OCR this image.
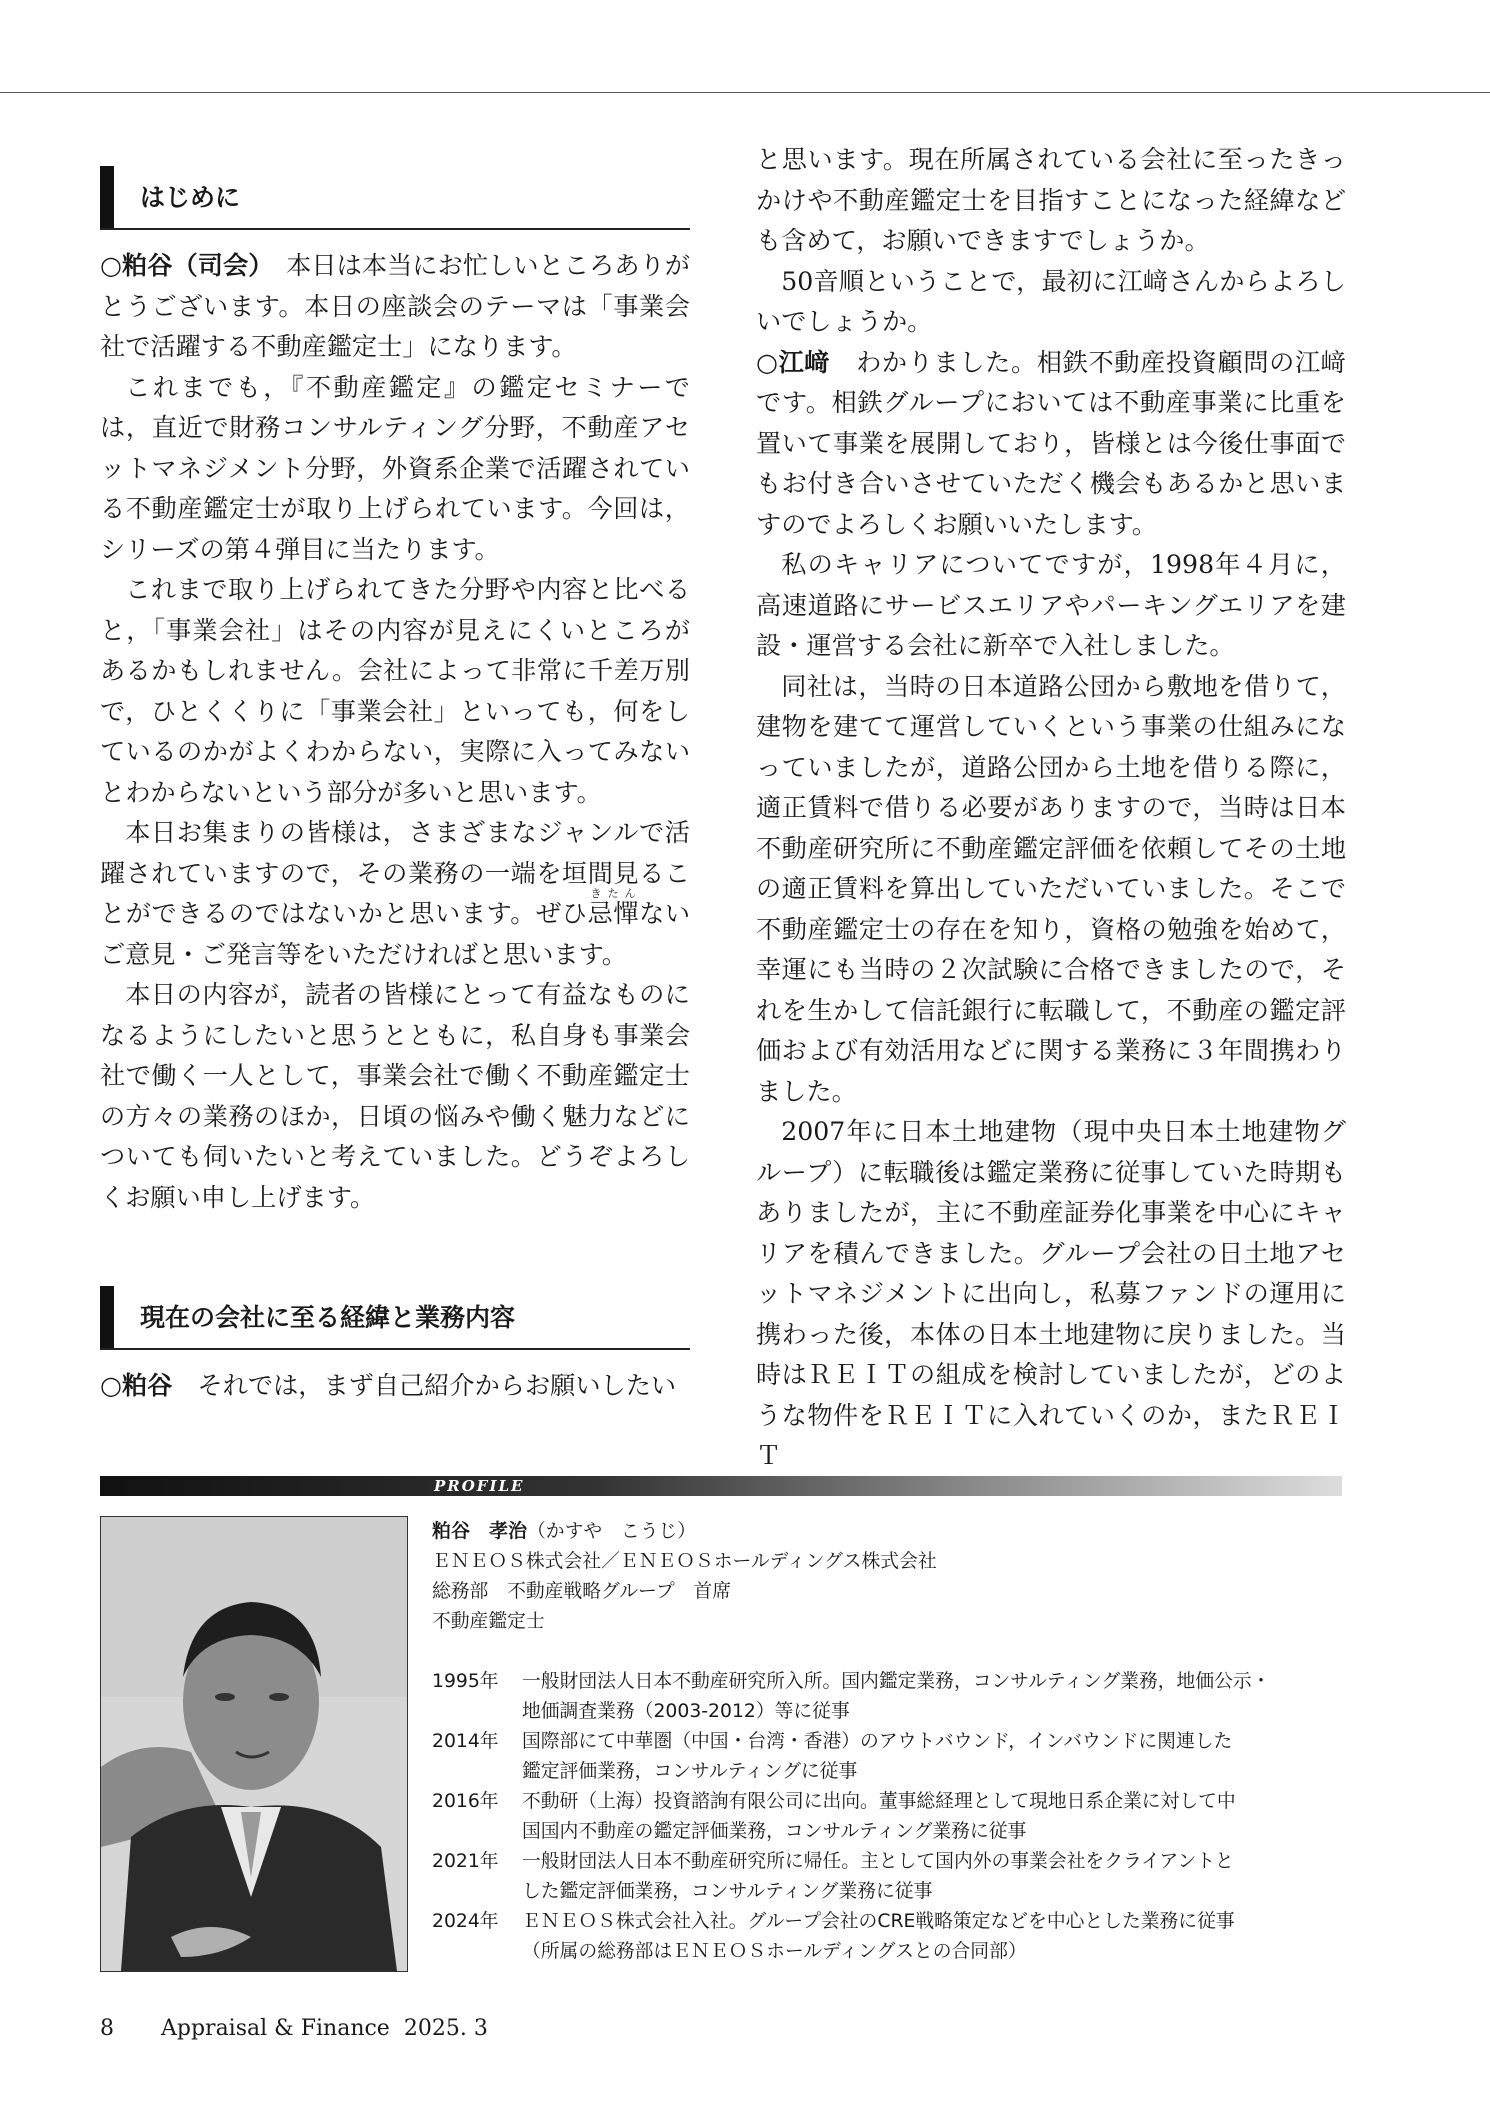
はじめに

○粕谷（司会）　本日は本当にお忙しいところありがとうございます。本日の座談会のテーマは「事業会社で活躍する不動産鑑定士」になります。

これまでも，『不動産鑑定』の鑑定セミナーでは，直近で財務コンサルティング分野，不動産アセットマネジメント分野，外資系企業で活躍されている不動産鑑定士が取り上げられています。今回は，シリーズの第４弾目に当たります。

これまで取り上げられてきた分野や内容と比べると，「事業会社」はその内容が見えにくいところがあるかもしれません。会社によって非常に千差万別で，ひとくくりに「事業会社」といっても，何をしているのかがよくわからない，実際に入ってみないとわからないという部分が多いと思います。

本日お集まりの皆様は，さまざまなジャンルで活躍されていますので，その業務の一端を垣間見ることができるのではないかと思います。ぜひ忌憚きたんないご意見・ご発言等をいただければと思います。

本日の内容が，読者の皆様にとって有益なものになるようにしたいと思うとともに，私自身も事業会社で働く一人として，事業会社で働く不動産鑑定士の方々の業務のほか，日頃の悩みや働く魅力などについても伺いたいと考えていました。どうぞよろしくお願い申し上げます。

現在の会社に至る経緯と業務内容

○粕谷　それでは，まず自己紹介からお願いしたい

と思います。現在所属されている会社に至ったきっかけや不動産鑑定士を目指すことになった経緯なども含めて，お願いできますでしょうか。

50音順ということで，最初に江﨑さんからよろしいでしょうか。

○江﨑　わかりました。相鉄不動産投資顧問の江﨑です。相鉄グループにおいては不動産事業に比重を置いて事業を展開しており，皆様とは今後仕事面でもお付き合いさせていただく機会もあるかと思いますのでよろしくお願いいたします。

私のキャリアについてですが，1998年４月に，高速道路にサービスエリアやパーキングエリアを建設・運営する会社に新卒で入社しました。

同社は，当時の日本道路公団から敷地を借りて，建物を建てて運営していくという事業の仕組みになっていましたが，道路公団から土地を借りる際に，適正賃料で借りる必要がありますので，当時は日本不動産研究所に不動産鑑定評価を依頼してその土地の適正賃料を算出していただいていました。そこで不動産鑑定士の存在を知り，資格の勉強を始めて，幸運にも当時の２次試験に合格できましたので，それを生かして信託銀行に転職して，不動産の鑑定評価および有効活用などに関する業務に３年間携わりました。

2007年に日本土地建物（現中央日本土地建物グループ）に転職後は鑑定業務に従事していた時期もありましたが，主に不動産証券化事業を中心にキャリアを積んできました。グループ会社の日土地アセットマネジメントに出向し，私募ファンドの運用に携わった後，本体の日本土地建物に戻りました。当時はＲＥＩＴの組成を検討していましたが，どのような物件をＲＥＩＴに入れていくのか，またＲＥＩＴ

PROFILE
粕谷　孝治（かすや　こうじ）
ＥＮＥＯＳ株式会社／ＥＮＥＯＳホールディングス株式会社
総務部　不動産戦略グループ　首席
不動産鑑定士
1995年	一般財団法人日本不動産研究所入所。国内鑑定業務，コンサルティング業務，地価公示・
地価調査業務（2003-2012）等に従事
2014年	国際部にて中華圏（中国・台湾・香港）のアウトバウンド，インバウンドに関連した
鑑定評価業務，コンサルティングに従事
2016年	不動研（上海）投資諮詢有限公司に出向。董事総経理として現地日系企業に対して中
国国内不動産の鑑定評価業務，コンサルティング業務に従事
2021年	一般財団法人日本不動産研究所に帰任。主として国内外の事業会社をクライアントと
した鑑定評価業務，コンサルティング業務に従事
2024年	ＥＮＥＯＳ株式会社入社。グループ会社のCRE戦略策定などを中心とした業務に従事
（所属の総務部はＥＮＥＯＳホールディングスとの合同部）
8 Appraisal & Finance 2025. 3
